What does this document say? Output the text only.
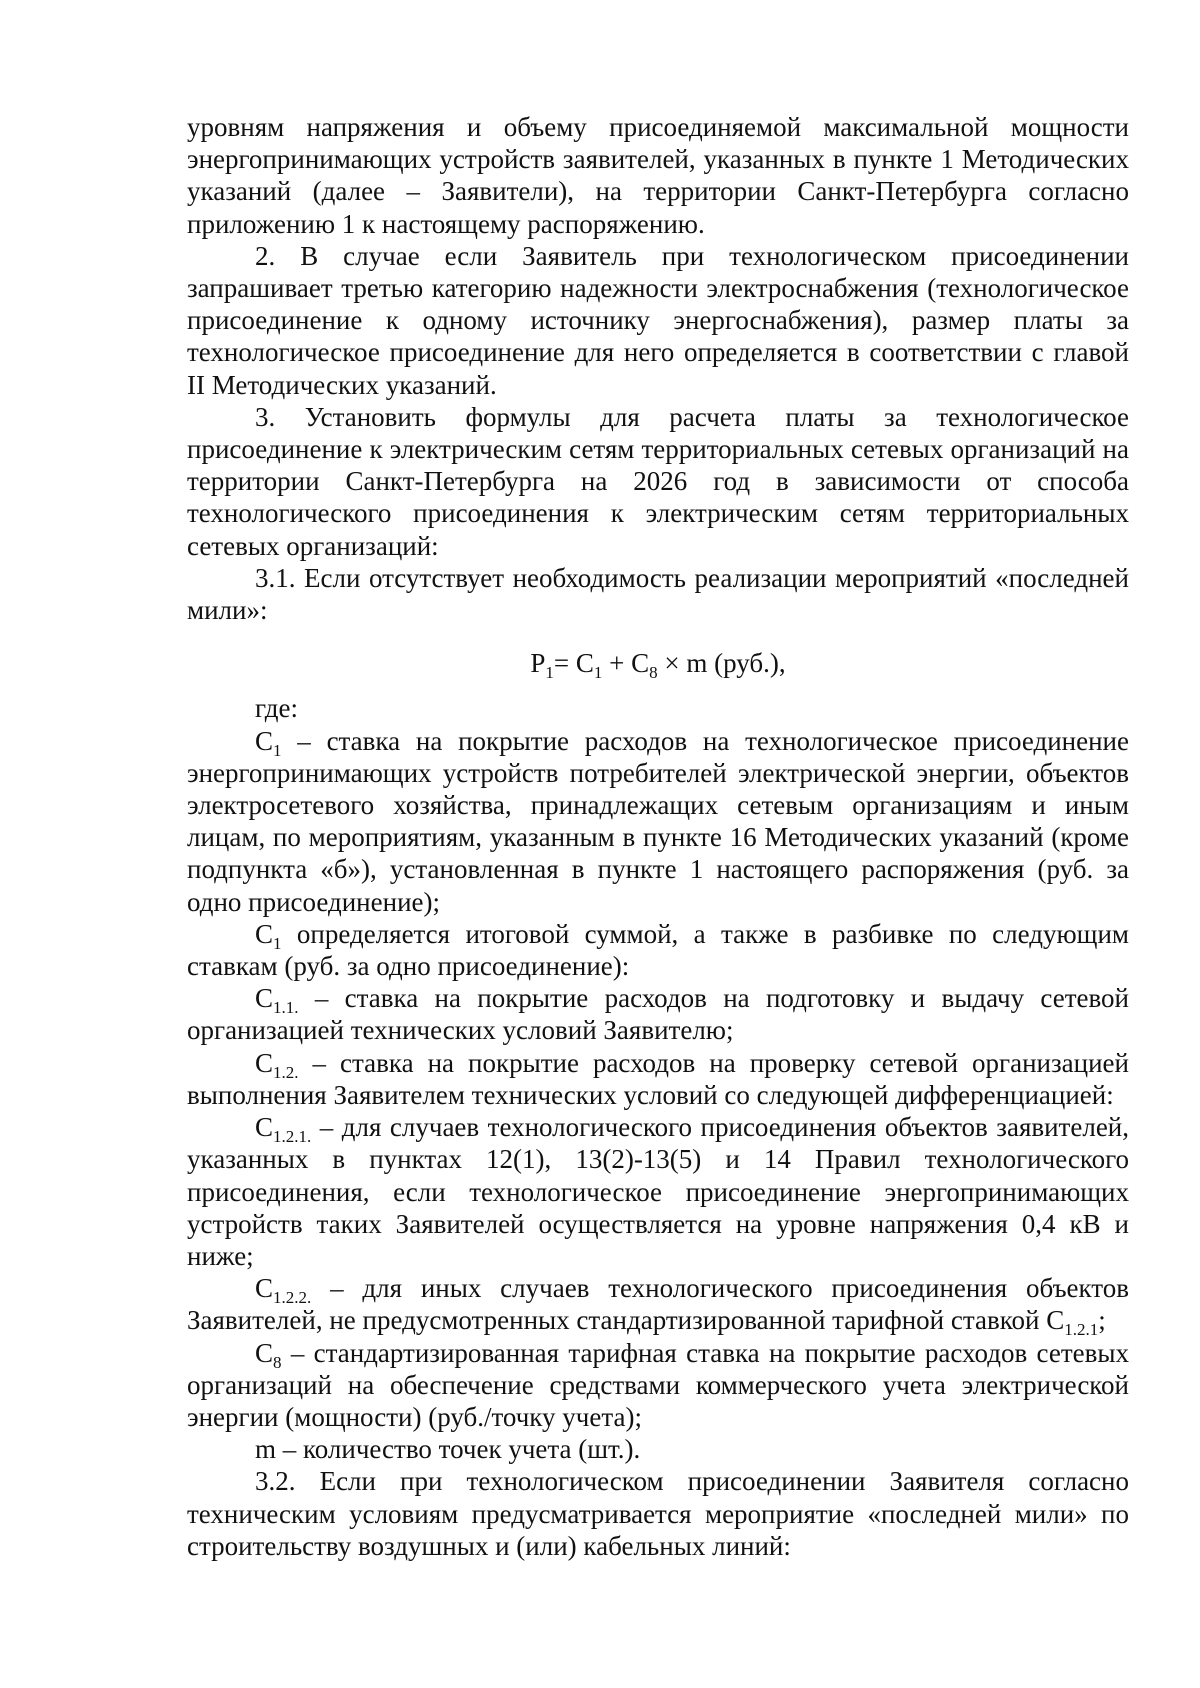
уровням напряжения и объему присоединяемой максимальной мощности энергопринимающих устройств заявителей, указанных в пункте 1 Методических указаний (далее – Заявители), на территории Санкт-Петербурга согласно приложению 1 к настоящему распоряжению.

2. В случае если Заявитель при технологическом присоединении запрашивает третью категорию надежности электроснабжения (технологическое присоединение к одному источнику энергоснабжения), размер платы за технологическое присоединение для него определяется в соответствии с главой II Методических указаний.

3. Установить формулы для расчета платы за технологическое присоединение к электрическим сетям территориальных сетевых организаций на территории Санкт-Петербурга на 2026 год в зависимости от способа технологического присоединения к электрическим сетям территориальных сетевых организаций:

3.1. Если отсутствует необходимость реализации мероприятий «последней мили»:

$P_1= C_1 + C_8 \times m$ (руб.),

где:

$C_1$ – ставка на покрытие расходов на технологическое присоединение энергопринимающих устройств потребителей электрической энергии, объектов электросетевого хозяйства, принадлежащих сетевым организациям и иным лицам, по мероприятиям, указанным в пункте 16 Методических указаний (кроме подпункта «б»), установленная в пункте 1 настоящего распоряжения (руб. за одно присоединение);

$C_1$ определяется итоговой суммой, а также в разбивке по следующим ставкам (руб. за одно присоединение):

$C_{1.1.}$ – ставка на покрытие расходов на подготовку и выдачу сетевой организацией технических условий Заявителю;

$C_{1.2.}$ – ставка на покрытие расходов на проверку сетевой организацией выполнения Заявителем технических условий со следующей дифференциацией:

$C_{1.2.1.}$ – для случаев технологического присоединения объектов заявителей, указанных в пунктах 12(1), 13(2)-13(5) и 14 Правил технологического присоединения, если технологическое присоединение энергопринимающих устройств таких Заявителей осуществляется на уровне напряжения 0,4 кВ и ниже;

$C_{1.2.2.}$ – для иных случаев технологического присоединения объектов Заявителей, не предусмотренных стандартизированной тарифной ставкой $C_{1.2.1}$;

$C_8$ – стандартизированная тарифная ставка на покрытие расходов сетевых организаций на обеспечение средствами коммерческого учета электрической энергии (мощности) (руб./точку учета);

m – количество точек учета (шт.).

3.2. Если при технологическом присоединении Заявителя согласно техническим условиям предусматривается мероприятие «последней мили» по строительству воздушных и (или) кабельных линий:
